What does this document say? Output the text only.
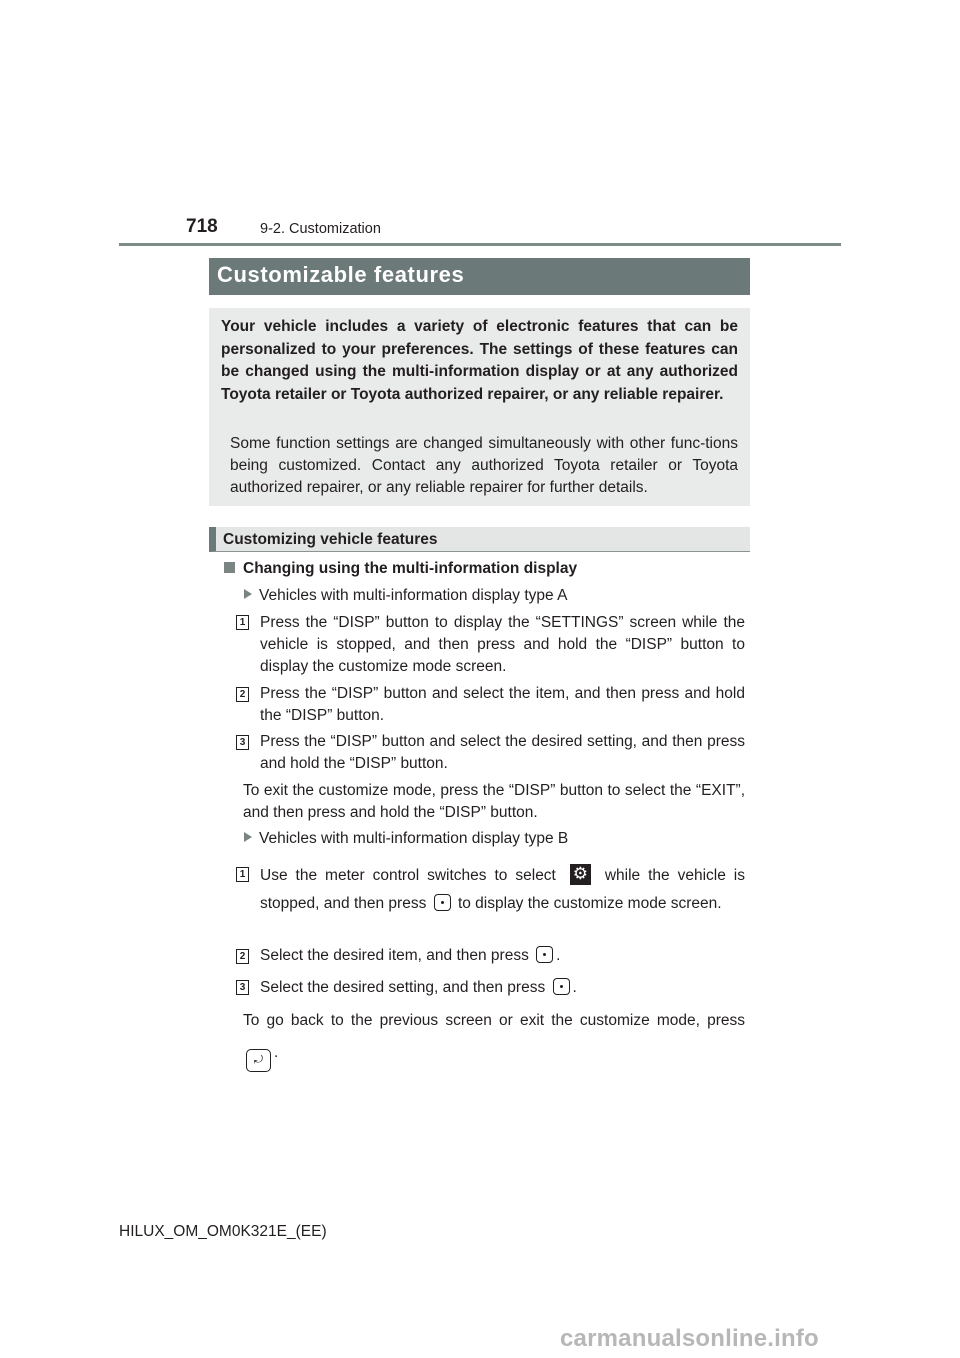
718	9-2. Customization
Customizable features
Your vehicle includes a variety of electronic features that can be personalized to your preferences. The settings of these features can be changed using the multi-information display or at any authorized Toyota retailer or Toyota authorized repairer, or any reliable repairer.
Some function settings are changed simultaneously with other func-tions being customized. Contact any authorized Toyota retailer or Toyota authorized repairer, or any reliable repairer for further details.
Customizing vehicle features
Changing using the multi-information display
Vehicles with multi-information display type A
1 Press the “DISP” button to display the “SETTINGS” screen while the vehicle is stopped, and then press and hold the “DISP” button to display the customize mode screen.
2 Press the “DISP” button and select the item, and then press and hold the “DISP” button.
3 Press the “DISP” button and select the desired setting, and then press and hold the “DISP” button.
To exit the customize mode, press the “DISP” button to select the “EXIT”, and then press and hold the “DISP” button.
Vehicles with multi-information display type B
1 Use the meter control switches to select ⚙ while the vehicle is stopped, and then press to display the customize mode screen.
2 Select the desired item, and then press .
3 Select the desired setting, and then press .
To go back to the previous screen or exit the customize mode, press ⤾ .
HILUX_OM_OM0K321E_(EE)
carmanualsonline.info
